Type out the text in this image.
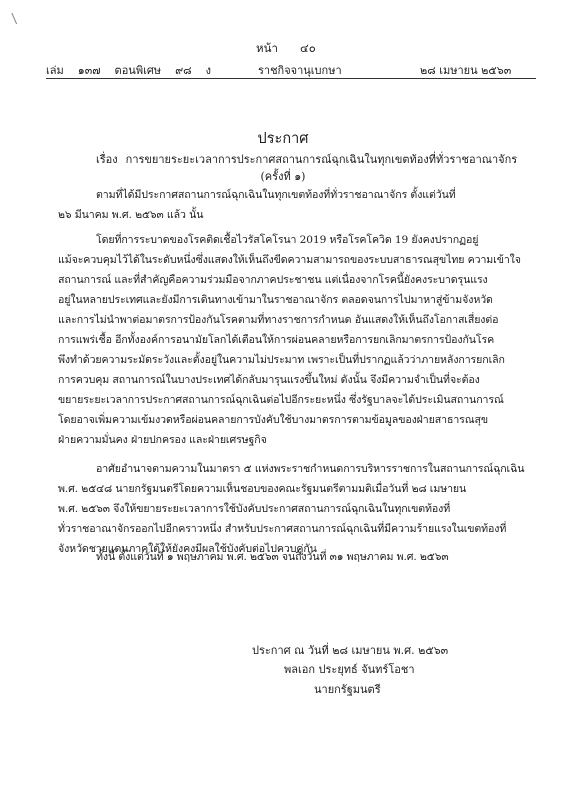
\
หน้า ๔๐
เล่ม ๑๓๗ ตอนพิเศษ ๙๘ ง	ราชกิจจานุเบกษา	๒๘ เมษายน ๒๕๖๓
ประกาศ
เรื่อง การขยายระยะเวลาการประกาศสถานการณ์ฉุกเฉินในทุกเขตท้องที่ทั่วราชอาณาจักร
(ครั้งที่ ๑)
ตามที่ได้มีประกาศสถานการณ์ฉุกเฉินในทุกเขตท้องที่ทั่วราชอาณาจักร ตั้งแต่วันที่
๒๖ มีนาคม พ.ศ. ๒๕๖๓ แล้ว นั้น
โดยที่การระบาดของโรคติดเชื้อไวรัสโคโรนา 2019 หรือโรคโควิด 19 ยังคงปรากฏอยู่
แม้จะควบคุมไว้ได้ในระดับหนึ่งซึ่งแสดงให้เห็นถึงขีดความสามารถของระบบสาธารณสุขไทย ความเข้าใจ
สถานการณ์ และที่สำคัญคือความร่วมมือจากภาคประชาชน แต่เนื่องจากโรคนี้ยังคงระบาดรุนแรง
อยู่ในหลายประเทศและยังมีการเดินทางเข้ามาในราชอาณาจักร ตลอดจนการไปมาหาสู่ข้ามจังหวัด
และการไม่นำพาต่อมาตรการป้องกันโรคตามที่ทางราชการกำหนด อันแสดงให้เห็นถึงโอกาสเสี่ยงต่อ
การแพร่เชื้อ อีกทั้งองค์การอนามัยโลกได้เตือนให้การผ่อนคลายหรือการยกเลิกมาตรการป้องกันโรค
พึงทำด้วยความระมัดระวังและตั้งอยู่ในความไม่ประมาท เพราะเป็นที่ปรากฏแล้วว่าภายหลังการยกเลิก
การควบคุม สถานการณ์ในบางประเทศได้กลับมารุนแรงขึ้นใหม่ ดังนั้น จึงมีความจำเป็นที่จะต้อง
ขยายระยะเวลาการประกาศสถานการณ์ฉุกเฉินต่อไปอีกระยะหนึ่ง ซึ่งรัฐบาลจะได้ประเมินสถานการณ์
โดยอาจเพิ่มความเข้มงวดหรือผ่อนคลายการบังคับใช้บางมาตรการตามข้อมูลของฝ่ายสาธารณสุข
ฝ่ายความมั่นคง ฝ่ายปกครอง และฝ่ายเศรษฐกิจ
อาศัยอำนาจตามความในมาตรา ๕ แห่งพระราชกำหนดการบริหารราชการในสถานการณ์ฉุกเฉิน
พ.ศ. ๒๕๔๘ นายกรัฐมนตรีโดยความเห็นชอบของคณะรัฐมนตรีตามมติเมื่อวันที่ ๒๘ เมษายน
พ.ศ. ๒๕๖๓ จึงให้ขยายระยะเวลาการใช้บังคับประกาศสถานการณ์ฉุกเฉินในทุกเขตท้องที่
ทั่วราชอาณาจักรออกไปอีกคราวหนึ่ง สำหรับประกาศสถานการณ์ฉุกเฉินที่มีความร้ายแรงในเขตท้องที่
จังหวัดชายแดนภาคใต้ให้ยังคงมีผลใช้บังคับต่อไปควบคู่กัน
ทั้งนี้ ตั้งแต่วันที่ ๑ พฤษภาคม พ.ศ. ๒๕๖๓ จนถึงวันที่ ๓๑ พฤษภาคม พ.ศ. ๒๕๖๓
ประกาศ ณ วันที่ ๒๘ เมษายน พ.ศ. ๒๕๖๓
พลเอก ประยุทธ์ จันทร์โอชา
นายกรัฐมนตรี
